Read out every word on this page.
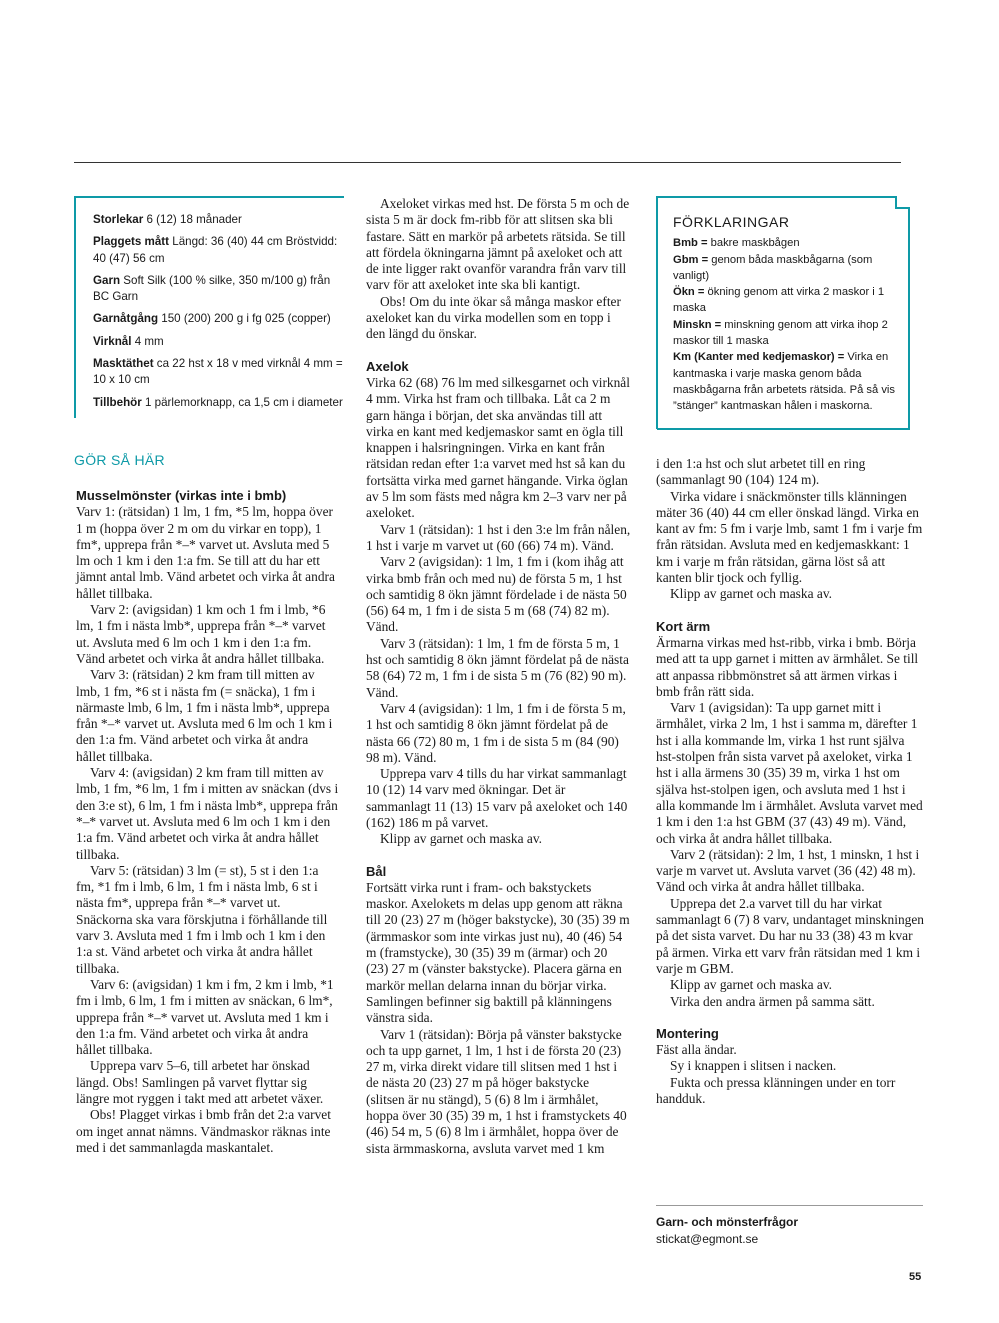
Storlekar 6 (12) 18 månader
Plaggets mått Längd: 36 (40) 44 cm Bröstvidd: 40 (47) 56 cm
Garn Soft Silk (100 % silke, 350 m/100 g) från BC Garn
Garnåtgång 150 (200) 200 g i fg 025 (copper)
Virknål 4 mm
Masktäthet ca 22 hst x 18 v med virknål 4 mm = 10 x 10 cm
Tillbehör 1 pärlemorknapp, ca 1,5 cm i diameter
GÖR SÅ HÄR
Musselmönster (virkas inte i bmb)

Varv 1: (rätsidan) 1 lm, 1 fm, *5 lm, hoppa över 1 m (hoppa över 2 m om du virkar en topp), 1 fm*, upprepa från *–* varvet ut. Avsluta med 5 lm och 1 km i den 1:a fm. Se till att du har ett jämnt antal lmb. Vänd arbetet och virka åt andra hållet tillbaka.

Varv 2: (avigsidan) 1 km och 1 fm i lmb, *6 lm, 1 fm i nästa lmb*, upprepa från *–* varvet ut. Avsluta med 6 lm och 1 km i den 1:a fm. Vänd arbetet och virka åt andra hållet tillbaka.

Varv 3: (rätsidan) 2 km fram till mitten av lmb, 1 fm, *6 st i nästa fm (= snäcka), 1 fm i närmaste lmb, 6 lm, 1 fm i nästa lmb*, upprepa från *–* varvet ut. Avsluta med 6 lm och 1 km i den 1:a fm. Vänd arbetet och virka åt andra hållet tillbaka.

Varv 4: (avigsidan) 2 km fram till mitten av lmb, 1 fm, *6 lm, 1 fm i mitten av snäckan (dvs i den 3:e st), 6 lm, 1 fm i nästa lmb*, upprepa från *–* varvet ut. Avsluta med 6 lm och 1 km i den 1:a fm. Vänd arbetet och virka åt andra hållet tillbaka.

Varv 5: (rätsidan) 3 lm (= st), 5 st i den 1:a fm, *1 fm i lmb, 6 lm, 1 fm i nästa lmb, 6 st i nästa fm*, upprepa från *–* varvet ut. Snäckorna ska vara förskjutna i förhållande till varv 3. Avsluta med 1 fm i lmb och 1 km i den 1:a st. Vänd arbetet och virka åt andra hållet tillbaka.

Varv 6: (avigsidan) 1 km i fm, 2 km i lmb, *1 fm i lmb, 6 lm, 1 fm i mitten av snäckan, 6 lm*, upprepa från *–* varvet ut. Avsluta med 1 km i den 1:a fm. Vänd arbetet och virka åt andra hållet tillbaka.

Upprepa varv 5–6, till arbetet har önskad längd. Obs! Samlingen på varvet flyttar sig längre mot ryggen i takt med att arbetet växer.

Obs! Plagget virkas i bmb från det 2:a varvet om inget annat nämns. Vändmaskor räknas inte med i det sammanlagda maskantalet.

Axeloket virkas med hst. De första 5 m och de sista 5 m är dock fm-ribb för att slitsen ska bli fastare. Sätt en markör på arbetets rätsida. Se till att fördela ökningarna jämnt på axeloket och att de inte ligger rakt ovanför varandra från varv till varv för att axeloket inte ska bli kantigt.

Obs! Om du inte ökar så många maskor efter axeloket kan du virka modellen som en topp i den längd du önskar.

Axelok

Virka 62 (68) 76 lm med silkesgarnet och virknål 4 mm. Virka hst fram och tillbaka. Låt ca 2 m garn hänga i början, det ska användas till att virka en kant med kedjemaskor samt en ögla till knappen i halsringningen. Virka en kant från rätsidan redan efter 1:a varvet med hst så kan du fortsätta virka med garnet hängande. Virka öglan av 5 lm som fästs med några km 2–3 varv ner på axeloket.

Varv 1 (rätsidan): 1 hst i den 3:e lm från nålen, 1 hst i varje m varvet ut (60 (66) 74 m). Vänd.

Varv 2 (avigsidan): 1 lm, 1 fm i (kom ihåg att virka bmb från och med nu) de första 5 m, 1 hst och samtidig 8 ökn jämnt fördelade i de nästa 50 (56) 64 m, 1 fm i de sista 5 m (68 (74) 82 m). Vänd.

Varv 3 (rätsidan): 1 lm, 1 fm de första 5 m, 1 hst och samtidig 8 ökn jämnt fördelat på de nästa 58 (64) 72 m, 1 fm i de sista 5 m (76 (82) 90 m). Vänd.

Varv 4 (avigsidan): 1 lm, 1 fm i de första 5 m, 1 hst och samtidig 8 ökn jämnt fördelat på de nästa 66 (72) 80 m, 1 fm i de sista 5 m (84 (90) 98 m). Vänd.

Upprepa varv 4 tills du har virkat sammanlagt 10 (12) 14 varv med ökningar. Det är sammanlagt 11 (13) 15 varv på axeloket och 140 (162) 186 m på varvet.

Klipp av garnet och maska av.

Bål

Fortsätt virka runt i fram- och bakstyckets maskor. Axelokets m delas upp genom att räkna till 20 (23) 27 m (höger bakstycke), 30 (35) 39 m (ärmmaskor som inte virkas just nu), 40 (46) 54 m (framstycke), 30 (35) 39 m (ärmar) och 20 (23) 27 m (vänster bakstycke). Placera gärna en markör mellan delarna innan du börjar virka. Samlingen befinner sig baktill på klänningens vänstra sida.

Varv 1 (rätsidan): Börja på vänster bakstycke och ta upp garnet, 1 lm, 1 hst i de första 20 (23) 27 m, virka direkt vidare till slitsen med 1 hst i de nästa 20 (23) 27 m på höger bakstycke (slitsen är nu stängd), 5 (6) 8 lm i ärmhålet, hoppa över 30 (35) 39 m, 1 hst i framstyckets 40 (46) 54 m, 5 (6) 8 lm i ärmhålet, hoppa över de sista ärmmaskorna, avsluta varvet med 1 km

FÖRKLARINGAR
Bmb = bakre maskbågen
Gbm = genom båda maskbågarna (som vanligt)
Ökn = ökning genom att virka 2 maskor i 1 maska
Minskn = minskning genom att virka ihop 2 maskor till 1 maska
Km (Kanter med kedjemaskor) = Virka en kantmaska i varje maska genom båda maskbågarna från arbetets rätsida. På så vis ”stänger” kantmaskan hålen i maskorna.

i den 1:a hst och slut arbetet till en ring (sammanlagt 90 (104) 124 m).

Virka vidare i snäckmönster tills klänningen mäter 36 (40) 44 cm eller önskad längd. Virka en kant av fm: 5 fm i varje lmb, samt 1 fm i varje fm från rätsidan. Avsluta med en kedjemaskkant: 1 km i varje m från rätsidan, gärna löst så att kanten blir tjock och fyllig.

Klipp av garnet och maska av.

Kort ärm

Ärmarna virkas med hst-ribb, virka i bmb. Börja med att ta upp garnet i mitten av ärmhålet. Se till att anpassa ribbmönstret så att ärmen virkas i bmb från rätt sida.

Varv 1 (avigsidan): Ta upp garnet mitt i ärmhålet, virka 2 lm, 1 hst i samma m, därefter 1 hst i alla kommande lm, virka 1 hst runt själva hst-stolpen från sista varvet på axeloket, virka 1 hst i alla ärmens 30 (35) 39 m, virka 1 hst om själva hst-stolpen igen, och avsluta med 1 hst i alla kommande lm i ärmhålet. Avsluta varvet med 1 km i den 1:a hst GBM (37 (43) 49 m). Vänd, och virka åt andra hållet tillbaka.

Varv 2 (rätsidan): 2 lm, 1 hst, 1 minskn, 1 hst i varje m varvet ut. Avsluta varvet (36 (42) 48 m). Vänd och virka åt andra hållet tillbaka.

Upprepa det 2.a varvet till du har virkat sammanlagt 6 (7) 8 varv, undantaget minskningen på det sista varvet. Du har nu 33 (38) 43 m kvar på ärmen. Virka ett varv från rätsidan med 1 km i varje m GBM.

Klipp av garnet och maska av.

Virka den andra ärmen på samma sätt.

Montering

Fäst alla ändar.

Sy i knappen i slitsen i nacken.

Fukta och pressa klänningen under en torr handduk.

Garn- och mönsterfrågor
stickat@egmont.se
55
